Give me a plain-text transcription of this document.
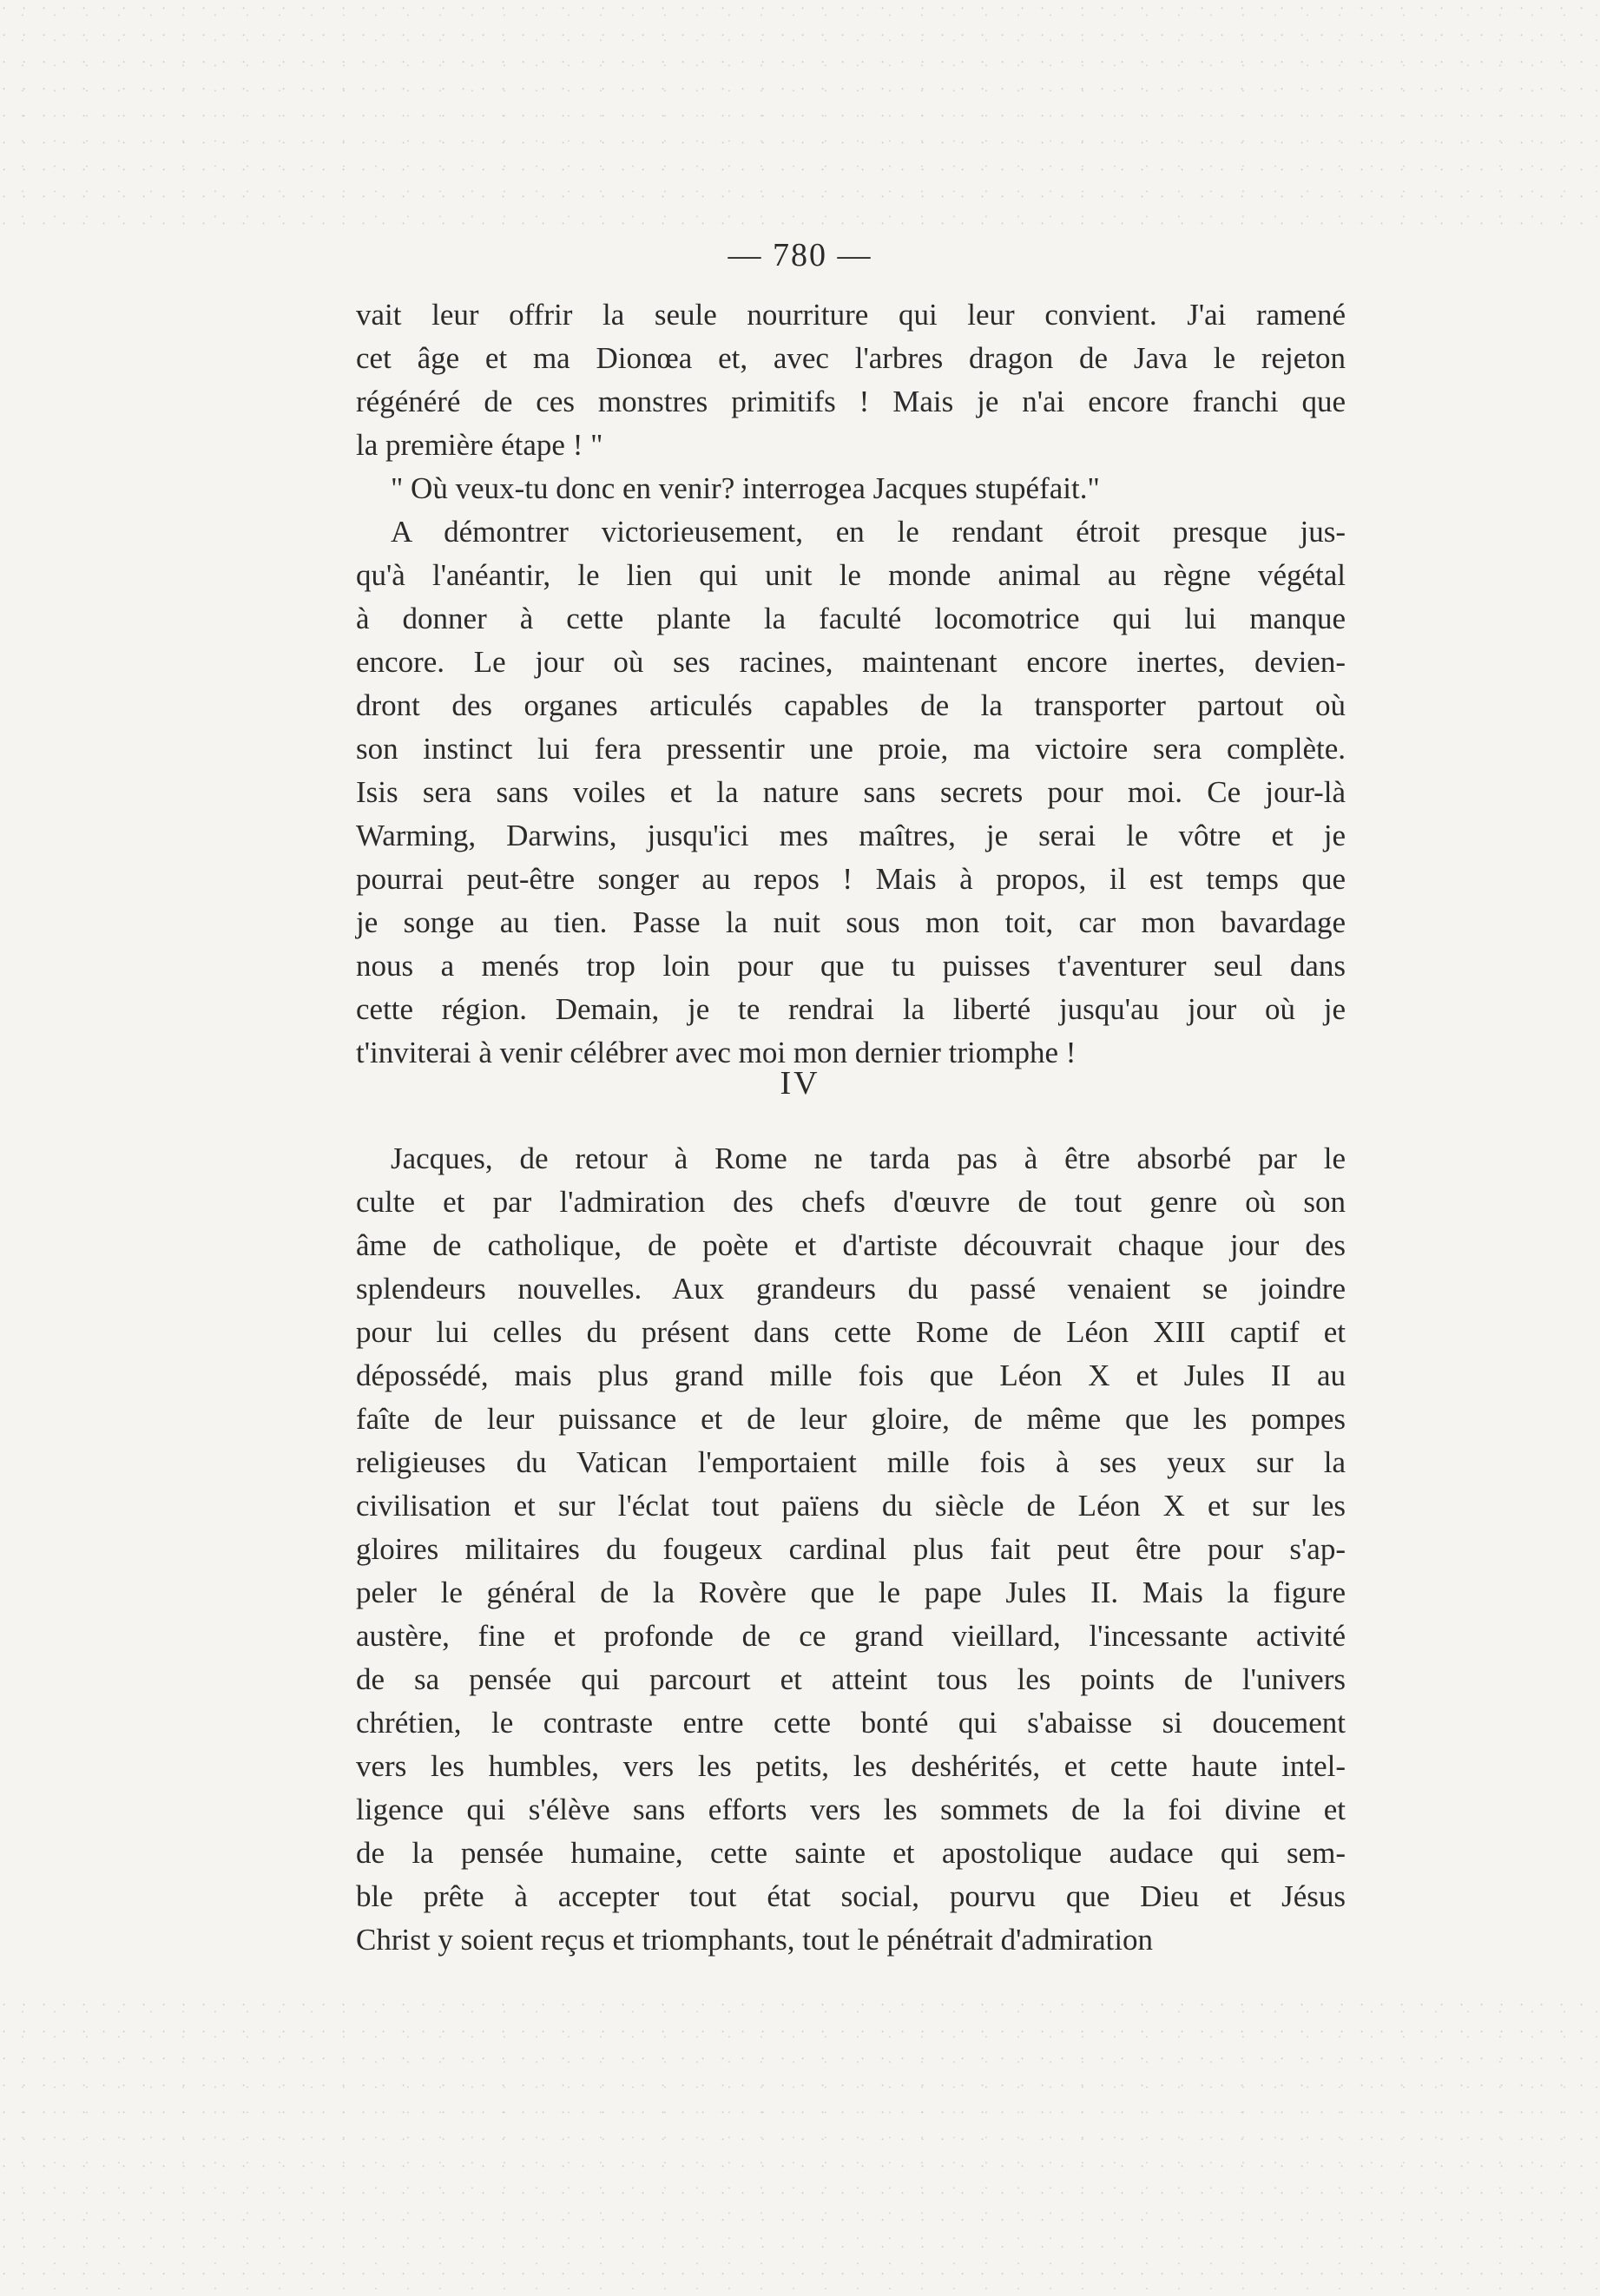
— 780 —
vait leur offrir la seule nourriture qui leur convient. J'ai ramené
cet âge et ma Dionœa et, avec l'arbres dragon de Java le rejeton
régénéré de ces monstres primitifs ! Mais je n'ai encore franchi que
la première étape ! "
" Où veux-tu donc en venir? interrogea Jacques stupéfait."
A démontrer victorieusement, en le rendant étroit presque jus-
qu'à l'anéantir, le lien qui unit le monde animal au règne végétal
à donner à cette plante la faculté locomotrice qui lui manque
encore. Le jour où ses racines, maintenant encore inertes, devien-
dront des organes articulés capables de la transporter partout où
son instinct lui fera pressentir une proie, ma victoire sera complète.
Isis sera sans voiles et la nature sans secrets pour moi. Ce jour-là
Warming, Darwins, jusqu'ici mes maîtres, je serai le vôtre et je
pourrai peut-être songer au repos ! Mais à propos, il est temps que
je songe au tien. Passe la nuit sous mon toit, car mon bavardage
nous a menés trop loin pour que tu puisses t'aventurer seul dans
cette région. Demain, je te rendrai la liberté jusqu'au jour où je
t'inviterai à venir célébrer avec moi mon dernier triomphe !
IV
Jacques, de retour à Rome ne tarda pas à être absorbé par le
culte et par l'admiration des chefs d'œuvre de tout genre où son
âme de catholique, de poète et d'artiste découvrait chaque jour des
splendeurs nouvelles. Aux grandeurs du passé venaient se joindre
pour lui celles du présent dans cette Rome de Léon XIII captif et
dépossédé, mais plus grand mille fois que Léon X et Jules II au
faîte de leur puissance et de leur gloire, de même que les pompes
religieuses du Vatican l'emportaient mille fois à ses yeux sur la
civilisation et sur l'éclat tout païens du siècle de Léon X et sur les
gloires militaires du fougeux cardinal plus fait peut être pour s'ap-
peler le général de la Rovère que le pape Jules II. Mais la figure
austère, fine et profonde de ce grand vieillard, l'incessante activité
de sa pensée qui parcourt et atteint tous les points de l'univers
chrétien, le contraste entre cette bonté qui s'abaisse si doucement
vers les humbles, vers les petits, les deshérités, et cette haute intel-
ligence qui s'élève sans efforts vers les sommets de la foi divine et
de la pensée humaine, cette sainte et apostolique audace qui sem-
ble prête à accepter tout état social, pourvu que Dieu et Jésus
Christ y soient reçus et triomphants, tout le pénétrait d'admiration
